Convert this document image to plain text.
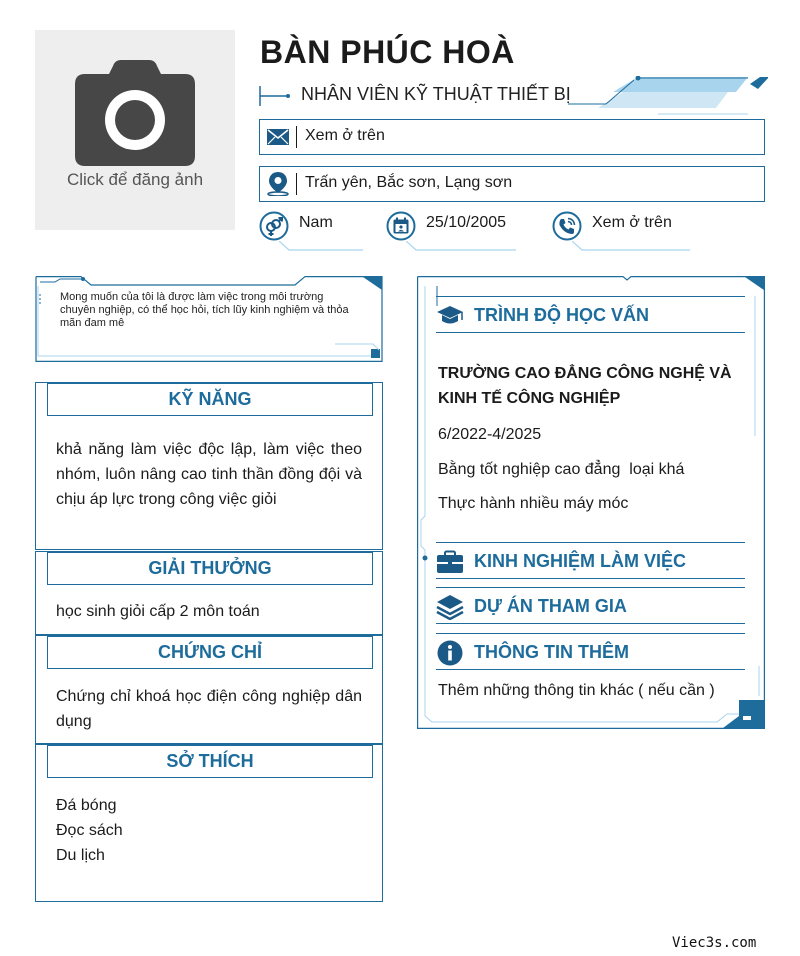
Click để đăng ảnh
BÀN PHÚC HOÀ
NHÂN VIÊN KỸ THUẬT THIẾT BỊ
Xem ở trên
Trấn yên, Bắc sơn, Lạng sơn
Nam	25/10/2005	Xem ở trên
Mong muốn của tôi là được làm việc trong môi trường chuyên nghiệp, có thể học hỏi, tích lũy kinh nghiệm và thỏa mãn đam mê
KỸ NĂNG
khả năng làm việc độc lập, làm việc theo nhóm, luôn nâng cao tinh thần đồng đội và chịu áp lực trong công việc giỏi
GIẢI THƯỞNG
học sinh giỏi cấp 2 môn toán
CHỨNG CHỈ
Chứng chỉ khoá học điện công nghiệp dân dụng
SỞ THÍCH
Đá bóng
Đọc sách
Du lịch
TRÌNH ĐỘ HỌC VẤN
TRƯỜNG CAO ĐẲNG CÔNG NGHỆ VÀ KINH TẾ CÔNG NGHIỆP
6/2022-4/2025
Bằng tốt nghiệp cao đẳng  loại khá
Thực hành nhiều máy móc
KINH NGHIỆM LÀM VIỆC
DỰ ÁN THAM GIA
THÔNG TIN THÊM
Thêm những thông tin khác ( nếu cần )
Viec3s.com
